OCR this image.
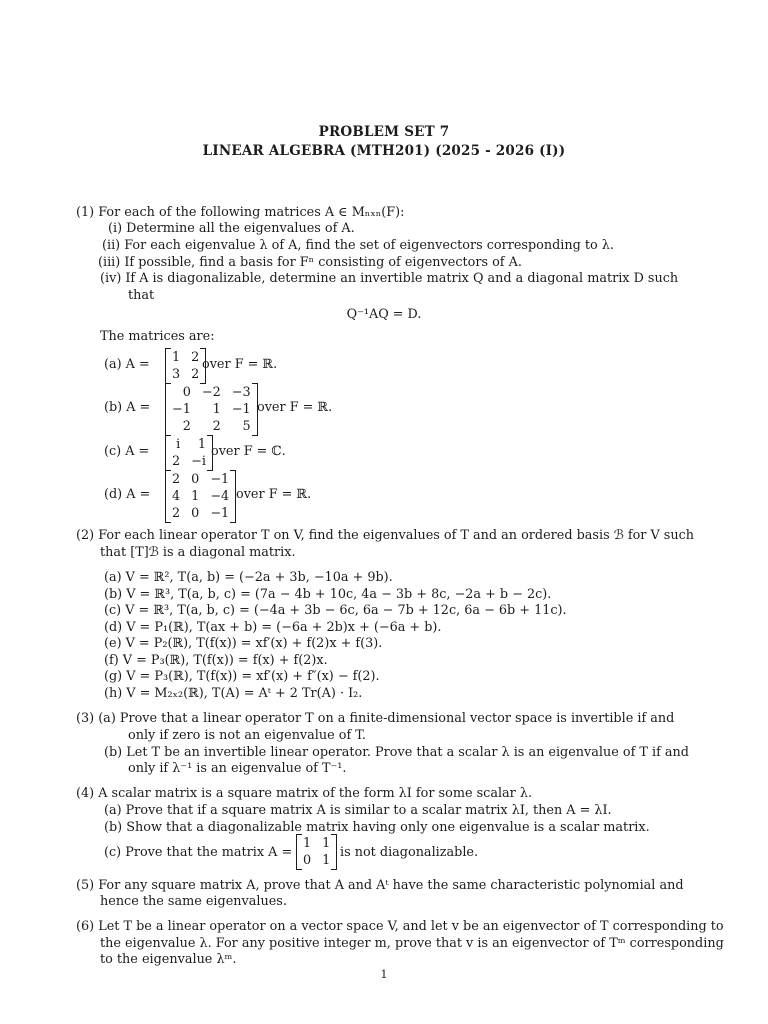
PROBLEM SET 7
LINEAR ALGEBRA (MTH201) (2025 - 2026 (I))
(1) For each of the following matrices A ∈ Mₙₓₙ(F):
(i) Determine all the eigenvalues of A.
(ii) For each eigenvalue λ of A, find the set of eigenvectors corresponding to λ.
(iii) If possible, find a basis for Fⁿ consisting of eigenvectors of A.
(iv) If A is diagonalizable, determine an invertible matrix Q and a diagonal matrix D such
that
Q⁻¹AQ = D.
The matrices are:
(a) A = 1 2
3 2
over F = ℝ.
(b) A =
0 −2 −3
−1	1 −1
2	2	5
over F = ℝ.
(c) A =	i	1
2 −i
over F = ℂ.
(d) A =
2 0 −1
4 1 −4
2 0 −1
over F = ℝ.
(2) For each linear operator T on V, find the eigenvalues of T and an ordered basis ℬ for V such
that [T]ℬ is a diagonal matrix.
(a) V = ℝ², T(a, b) = (−2a + 3b, −10a + 9b).
(b) V = ℝ³, T(a, b, c) = (7a − 4b + 10c, 4a − 3b + 8c, −2a + b − 2c).
(c) V = ℝ³, T(a, b, c) = (−4a + 3b − 6c, 6a − 7b + 12c, 6a − 6b + 11c).
(d) V = P₁(ℝ), T(ax + b) = (−6a + 2b)x + (−6a + b).
(e) V = P₂(ℝ), T(f(x)) = xf′(x) + f(2)x + f(3).
(f) V = P₃(ℝ), T(f(x)) = f(x) + f(2)x.
(g) V = P₃(ℝ), T(f(x)) = xf′(x) + f″(x) − f(2).
(h) V = M₂ₓ₂(ℝ), T(A) = Aᵗ + 2 Tr(A) · I₂.
(3) (a) Prove that a linear operator T on a finite-dimensional vector space is invertible if and
only if zero is not an eigenvalue of T.
(b) Let T be an invertible linear operator. Prove that a scalar λ is an eigenvalue of T if and
only if λ⁻¹ is an eigenvalue of T⁻¹.
(4) A scalar matrix is a square matrix of the form λI for some scalar λ.
(a) Prove that if a square matrix A is similar to a scalar matrix λI, then A = λI.
(b) Show that a diagonalizable matrix having only one eigenvalue is a scalar matrix.
(c) Prove that the matrix A =
1 1
0 1
is not diagonalizable.
(5) For any square matrix A, prove that A and Aᵗ have the same characteristic polynomial and
hence the same eigenvalues.
(6) Let T be a linear operator on a vector space V, and let v be an eigenvector of T corresponding to
the eigenvalue λ. For any positive integer m, prove that v is an eigenvector of Tᵐ corresponding
to the eigenvalue λᵐ.
1
